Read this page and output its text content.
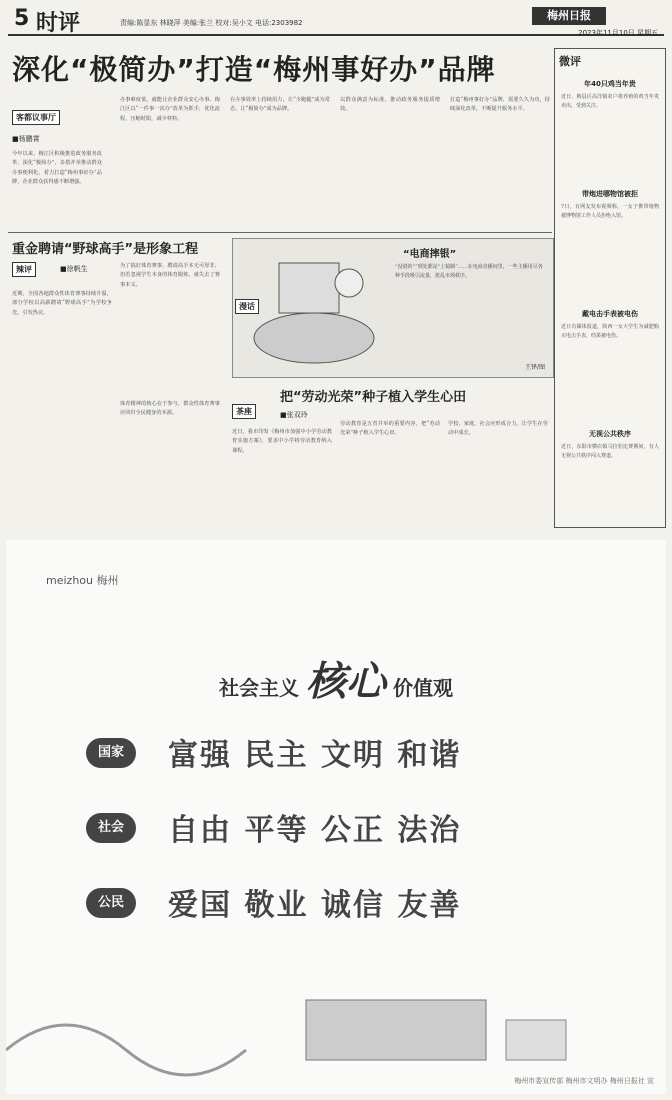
5 时评	责编:陈显东 林晓萍 美编:张兰 校对:吴小文 电话:2303982
梅州日报
2023年11月10日 星期五
深化“极简办”打造“梅州事好办”品牌
客都议事厅
■杨鹏霄

今年以来，梅江区积极推进政务服务改革，深化“极简办”，多措并举推动群众办事便利化，着力打造“梅州事好办”品牌，企业群众获得感不断增强。

办事难度低，就能让企业群众安心办事。梅江区以“一件事一次办”改革为抓手，优化流程，压缩时限，减少材料。

在办事效率上持续用力，让“少跑腿”成为常态，让“极简办”成为品牌。

以群众满意为标准，推动政务服务提质增效。

打造“梅州事好办”品牌，需要久久为功，持续深化改革，不断提升服务水平。

重金聘请“野球高手”是形象工程
辣评	■徐帆生

近期，全国各地群众性体育赛事持续升温，部分学校以高薪聘请“野球高手”为学校争光，引发热议。

为了搞好体育赛事，聘请高手本无可厚非，但若忽视学生本身的体育锻炼，就失去了赛事本义。

体育精神的核心在于参与，群众性体育赛事应回归全民健身的本源。

漫话
“电商摔银”
“没错的”“到处都是”上镜腾”……在电商直播间里，一些主播用尽各种手段吸引流量，扰乱市场秩序。
王铎/图
把“劳动光荣”种子植入学生心田
茶座	■张双玲

近日，我市印发《梅州市加强中小学劳动教育实施方案》，要求中小学将劳动教育纳入课程。

劳动教育是五育并举的重要内容，把“劳动光荣”种子植入学生心田。

学校、家庭、社会应形成合力，让学生在劳动中成长。

微评
年40只鸡当年贵
近日，梅县区高洋镇农户将养殖的鸡当年贵卖出，受到关注。
带炮进哪物馆被拒
7日，有网友发布视频称，一女子携带炮物被博物馆工作人员拒绝入馆。
戴电击手表被电伤
近日有媒体报道，陕西一女大学生为减肥购买电击手表，结果被电伤。
无视公共秩序
近日，东阳市横店镇马拉松比赛期间，有人无视公共秩序闯入赛道。
meizhou 梅州
社会主义 核心 价值观
国家	富强 民主 文明 和谐
社会	自由 平等 公正 法治
公民	爱国 敬业 诚信 友善
梅州市委宣传部 梅州市文明办 梅州日报社 宣
